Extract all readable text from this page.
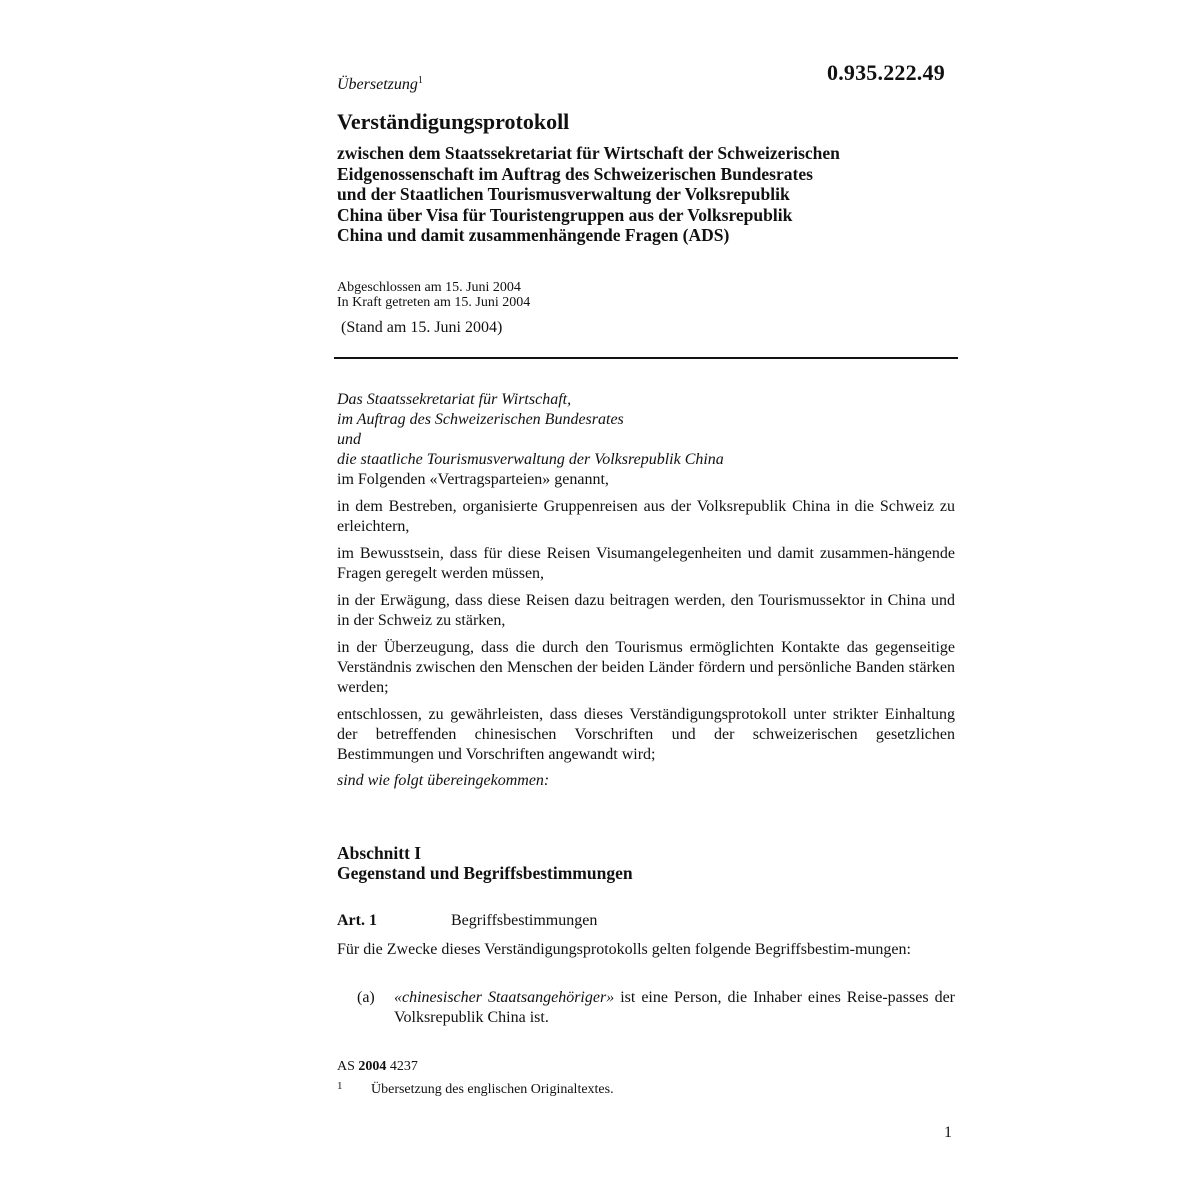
0.935.222.49
Übersetzung$^1$
Verständigungsprotokoll
zwischen dem Staatssekretariat für Wirtschaft der Schweizerischen
Eidgenossenschaft im Auftrag des Schweizerischen Bundesrates
und der Staatlichen Tourismusverwaltung der Volksrepublik
China über Visa für Touristengruppen aus der Volksrepublik
China und damit zusammenhängende Fragen (ADS)
Abgeschlossen am 15. Juni 2004
In Kraft getreten am 15. Juni 2004
(Stand am 15. Juni 2004)
Das Staatssekretariat für Wirtschaft,
im Auftrag des Schweizerischen Bundesrates
und
die staatliche Tourismusverwaltung der Volksrepublik China
im Folgenden «Vertragsparteien» genannt,

in dem Bestreben, organisierte Gruppenreisen aus der Volksrepublik China in die Schweiz zu erleichtern,

im Bewusstsein, dass für diese Reisen Visumangelegenheiten und damit zusammen-hängende Fragen geregelt werden müssen,

in der Erwägung, dass diese Reisen dazu beitragen werden, den Tourismussektor in China und in der Schweiz zu stärken,

in der Überzeugung, dass die durch den Tourismus ermöglichten Kontakte das gegenseitige Verständnis zwischen den Menschen der beiden Länder fördern und persönliche Banden stärken werden;

entschlossen, zu gewährleisten, dass dieses Verständigungsprotokoll unter strikter Einhaltung der betreffenden chinesischen Vorschriften und der schweizerischen gesetzlichen Bestimmungen und Vorschriften angewandt wird;

sind wie folgt übereingekommen:
Abschnitt I
Gegenstand und Begriffsbestimmungen
Art. 1	Begriffsbestimmungen
Für die Zwecke dieses Verständigungsprotokolls gelten folgende Begriffsbestim-mungen:
(a) «chinesischer Staatsangehöriger» ist eine Person, die Inhaber eines Reise-passes der Volksrepublik China ist.
AS 2004 4237
1 Übersetzung des englischen Originaltextes.
1
